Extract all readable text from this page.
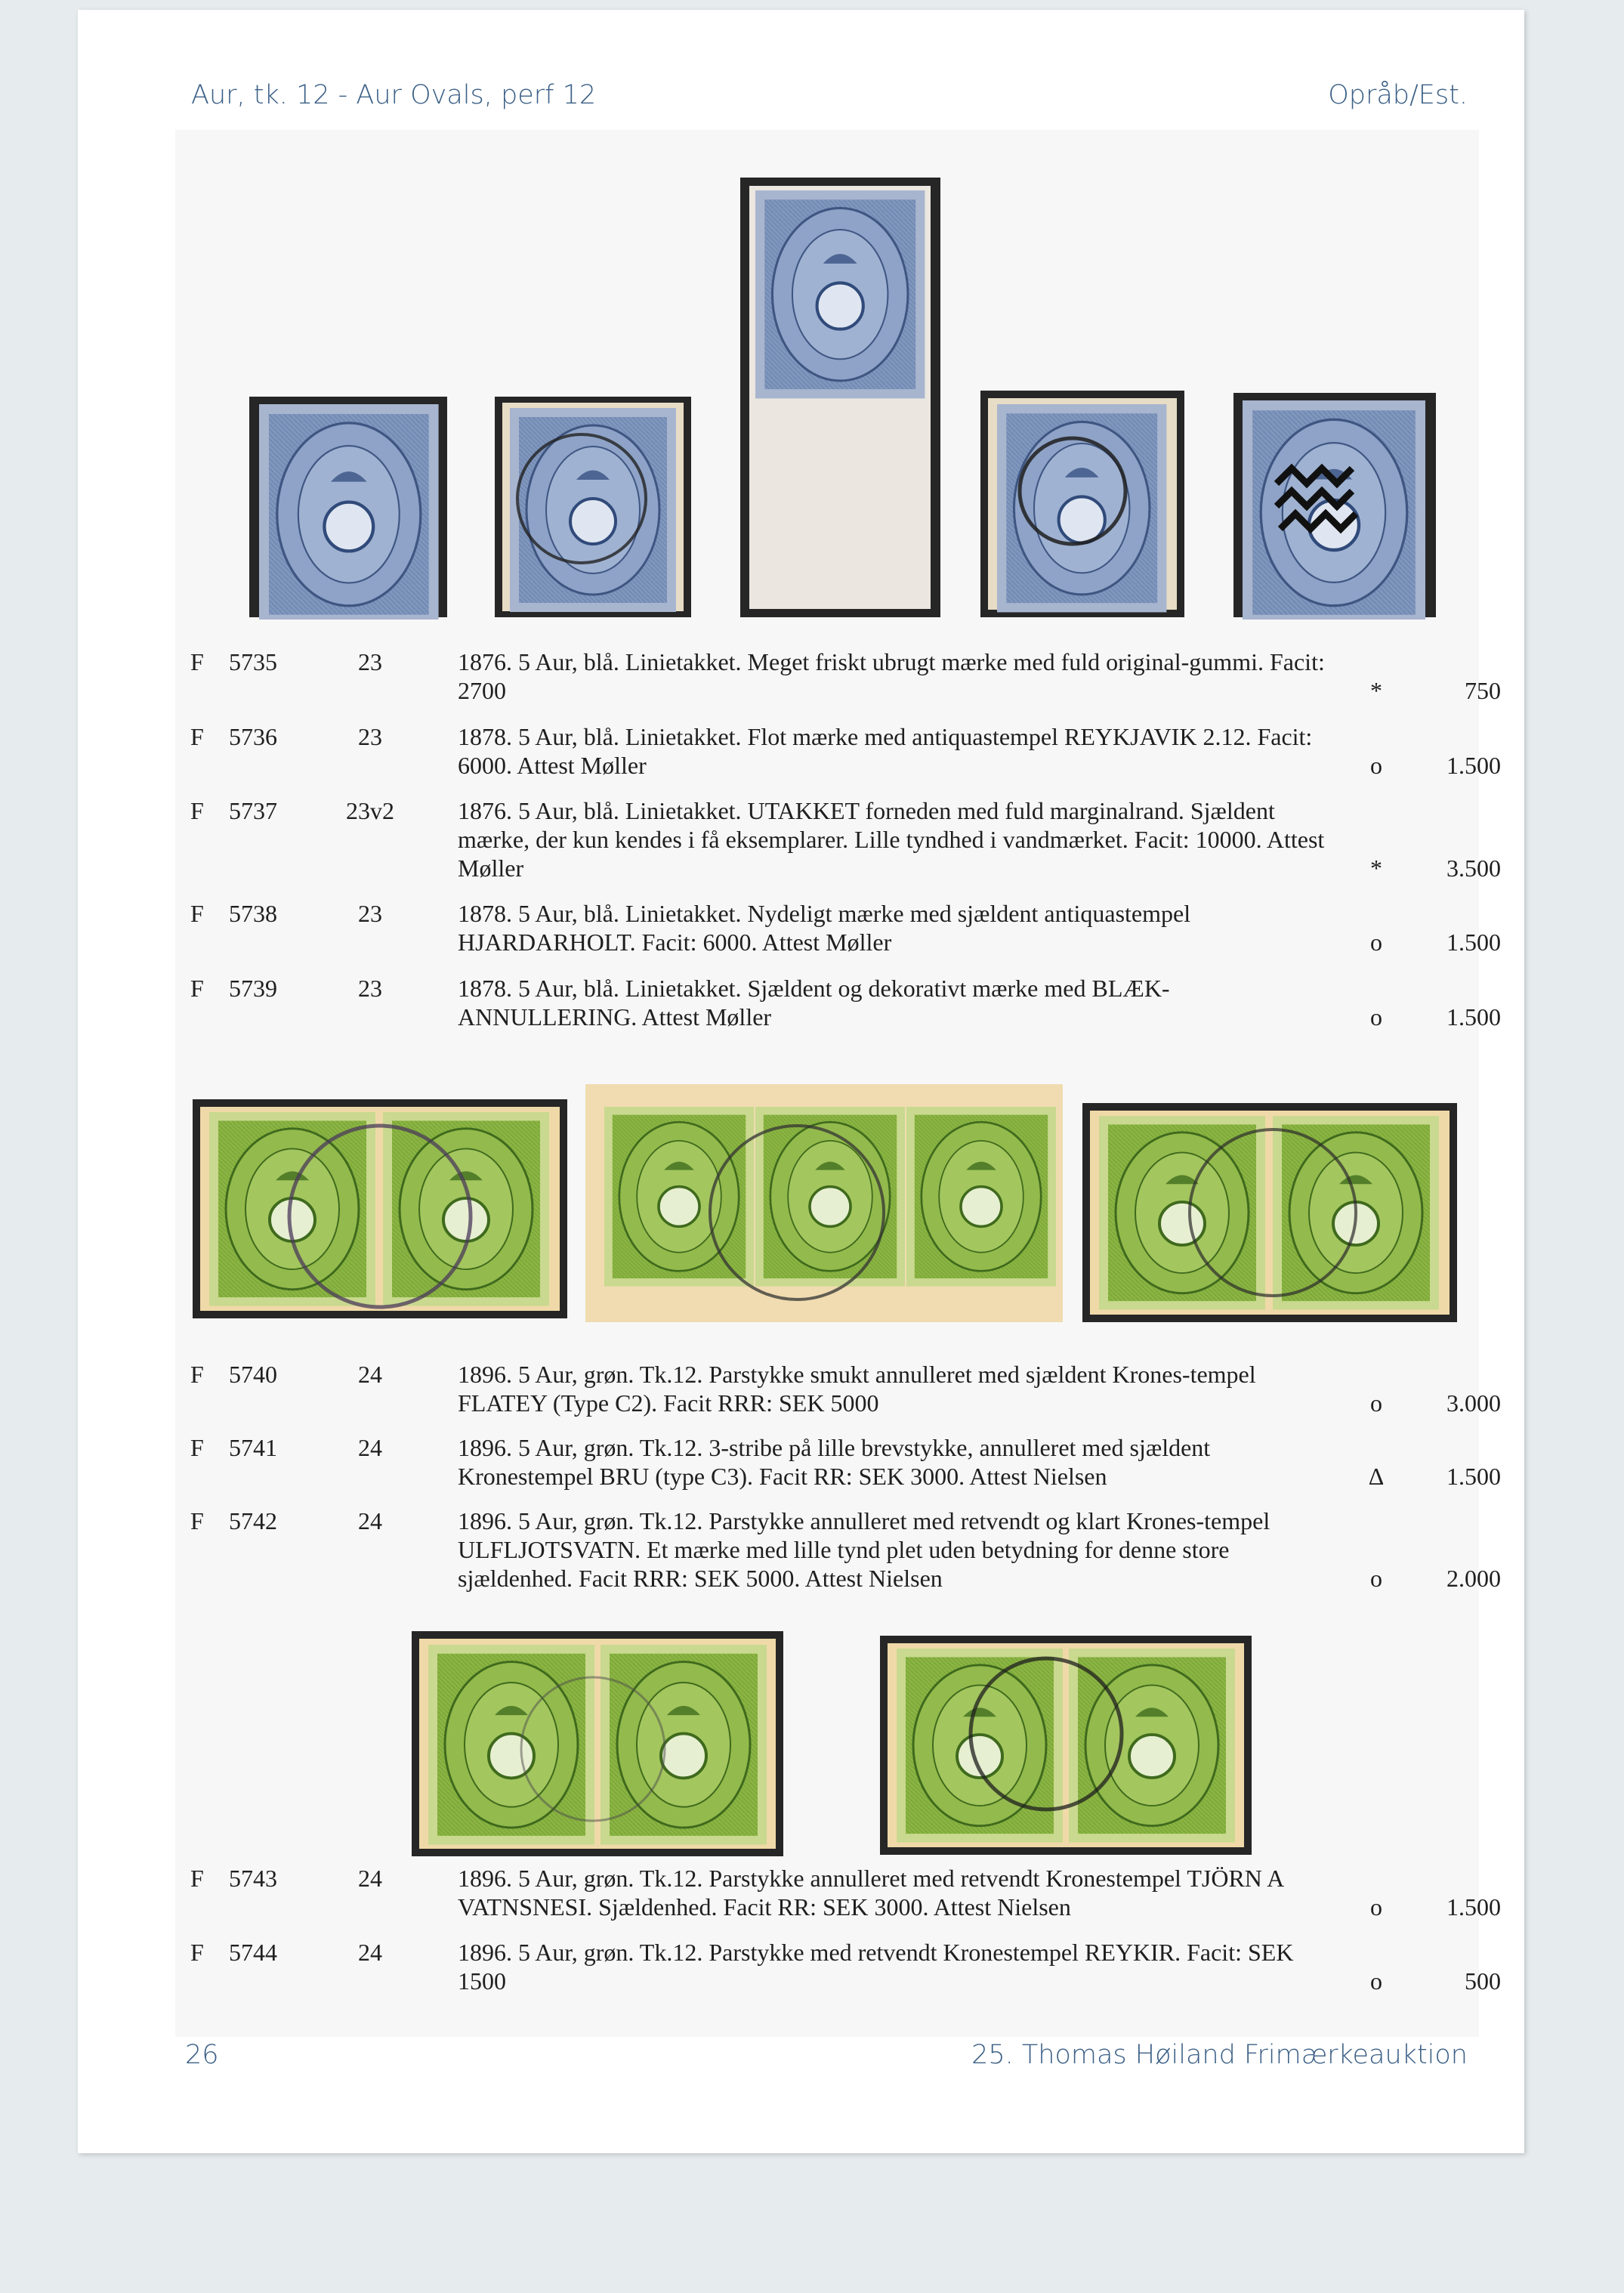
Aur, tk. 12 - Aur Ovals, perf 12	Opråb/Est.
F 5735	23	1876. 5 Aur, blå. Linietakket. Meget friskt ubrugt mærke med fuld original-gummi. Facit: 2700	*	750
F 5736	23	1878. 5 Aur, blå. Linietakket. Flot mærke med antiquastempel REYKJAVIK 2.12. Facit: 6000. Attest Møller	o	1.500
F 5737	23v2	1876. 5 Aur, blå. Linietakket. UTAKKET forneden med fuld marginalrand. Sjældent mærke, der kun kendes i få eksemplarer. Lille tyndhed i vandmærket. Facit: 10000. Attest Møller	*	3.500
F 5738	23	1878. 5 Aur, blå. Linietakket. Nydeligt mærke med sjældent antiquastempel HJARDARHOLT. Facit: 6000. Attest Møller	o	1.500
F 5739	23	1878. 5 Aur, blå. Linietakket. Sjældent og dekorativt mærke med BLÆK-ANNULLERING. Attest Møller	o	1.500
F 5740	24	1896. 5 Aur, grøn. Tk.12. Parstykke smukt annulleret med sjældent Krones-tempel FLATEY (Type C2). Facit RRR: SEK 5000	o	3.000
F 5741	24	1896. 5 Aur, grøn. Tk.12. 3-stribe på lille brevstykke, annulleret med sjældent Kronestempel BRU (type C3). Facit RR: SEK 3000. Attest Nielsen	Δ	1.500
F 5742	24	1896. 5 Aur, grøn. Tk.12. Parstykke annulleret med retvendt og klart Krones-tempel ULFLJOTSVATN. Et mærke med lille tynd plet uden betydning for denne store sjældenhed. Facit RRR: SEK 5000. Attest Nielsen	o	2.000
F 5743	24	1896. 5 Aur, grøn. Tk.12. Parstykke annulleret med retvendt Kronestempel TJÖRN A VATNSNESI. Sjældenhed. Facit RR: SEK 3000. Attest Nielsen	o	1.500
F 5744	24	1896. 5 Aur, grøn. Tk.12. Parstykke med retvendt Kronestempel REYKIR. Facit: SEK 1500	o	500
26	25. Thomas Høiland Frimærkeauktion
